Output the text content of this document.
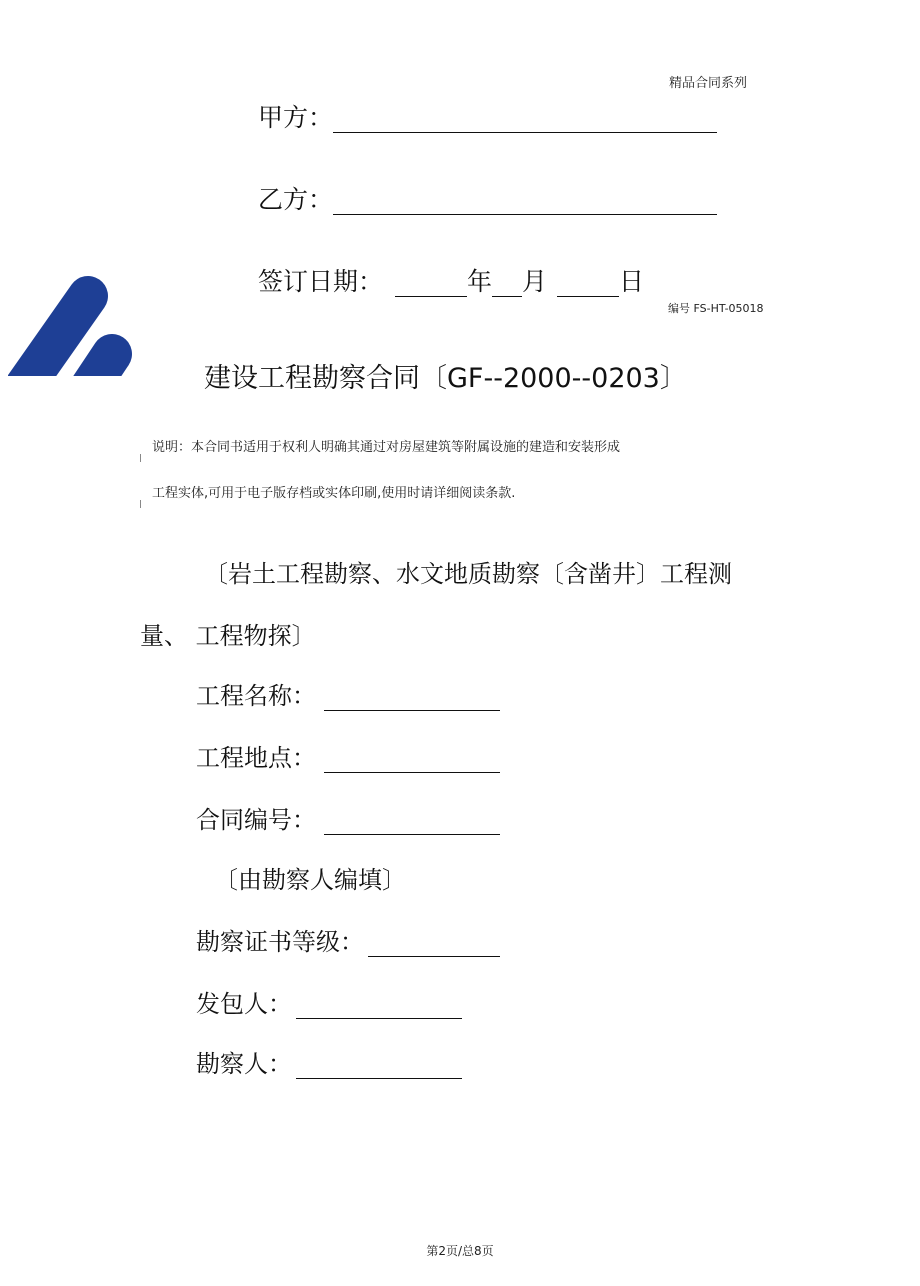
精品合同系列
甲方：
乙方：
签订日期：	年 月	日
编号 FS-HT-05018
建设工程勘察合同〔GF--2000--0203〕
说明：本合同书适用于权利人明确其通过对房屋建筑等附属设施的建造和安装形成
工程实体,可用于电子版存档或实体印刷,使用时请详细阅读条款.
〔岩土工程勘察、水文地质勘察〔含凿井〕工程测
量、 工程物探〕
工程名称：
工程地点：
合同编号：
〔由勘察人编填〕
勘察证书等级：
发包人：
勘察人：
第2页/总8页
